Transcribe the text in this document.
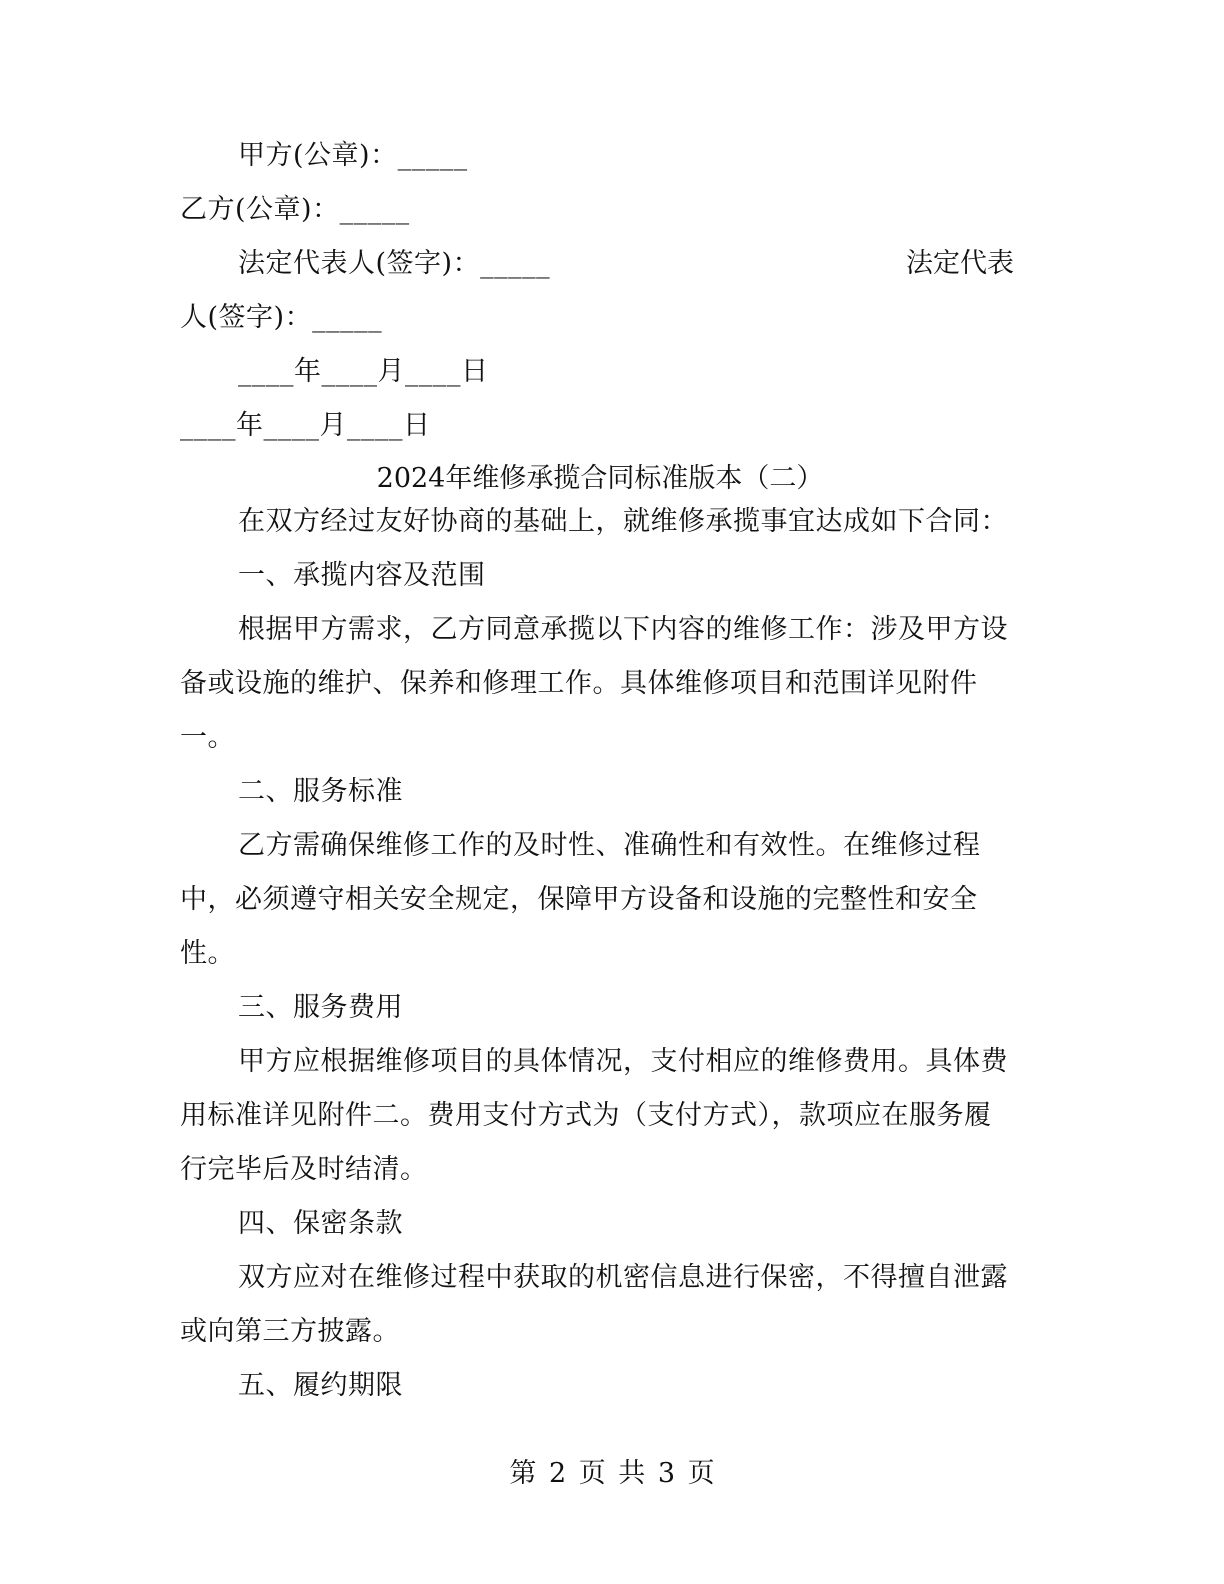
甲方(公章)：_____
乙方(公章)：_____
法定代表人(签字)：_____	法定代表
人(签字)：_____
____年____月____日
____年____月____日
2024年维修承揽合同标准版本（二）
在双方经过友好协商的基础上，就维修承揽事宜达成如下合同：
一、承揽内容及范围
根据甲方需求，乙方同意承揽以下内容的维修工作：涉及甲方设
备或设施的维护、保养和修理工作。具体维修项目和范围详见附件
一。
二、服务标准
乙方需确保维修工作的及时性、准确性和有效性。在维修过程
中，必须遵守相关安全规定，保障甲方设备和设施的完整性和安全
性。
三、服务费用
甲方应根据维修项目的具体情况，支付相应的维修费用。具体费
用标准详见附件二。费用支付方式为（支付方式），款项应在服务履
行完毕后及时结清。
四、保密条款
双方应对在维修过程中获取的机密信息进行保密，不得擅自泄露
或向第三方披露。
五、履约期限
第 2 页 共 3 页
